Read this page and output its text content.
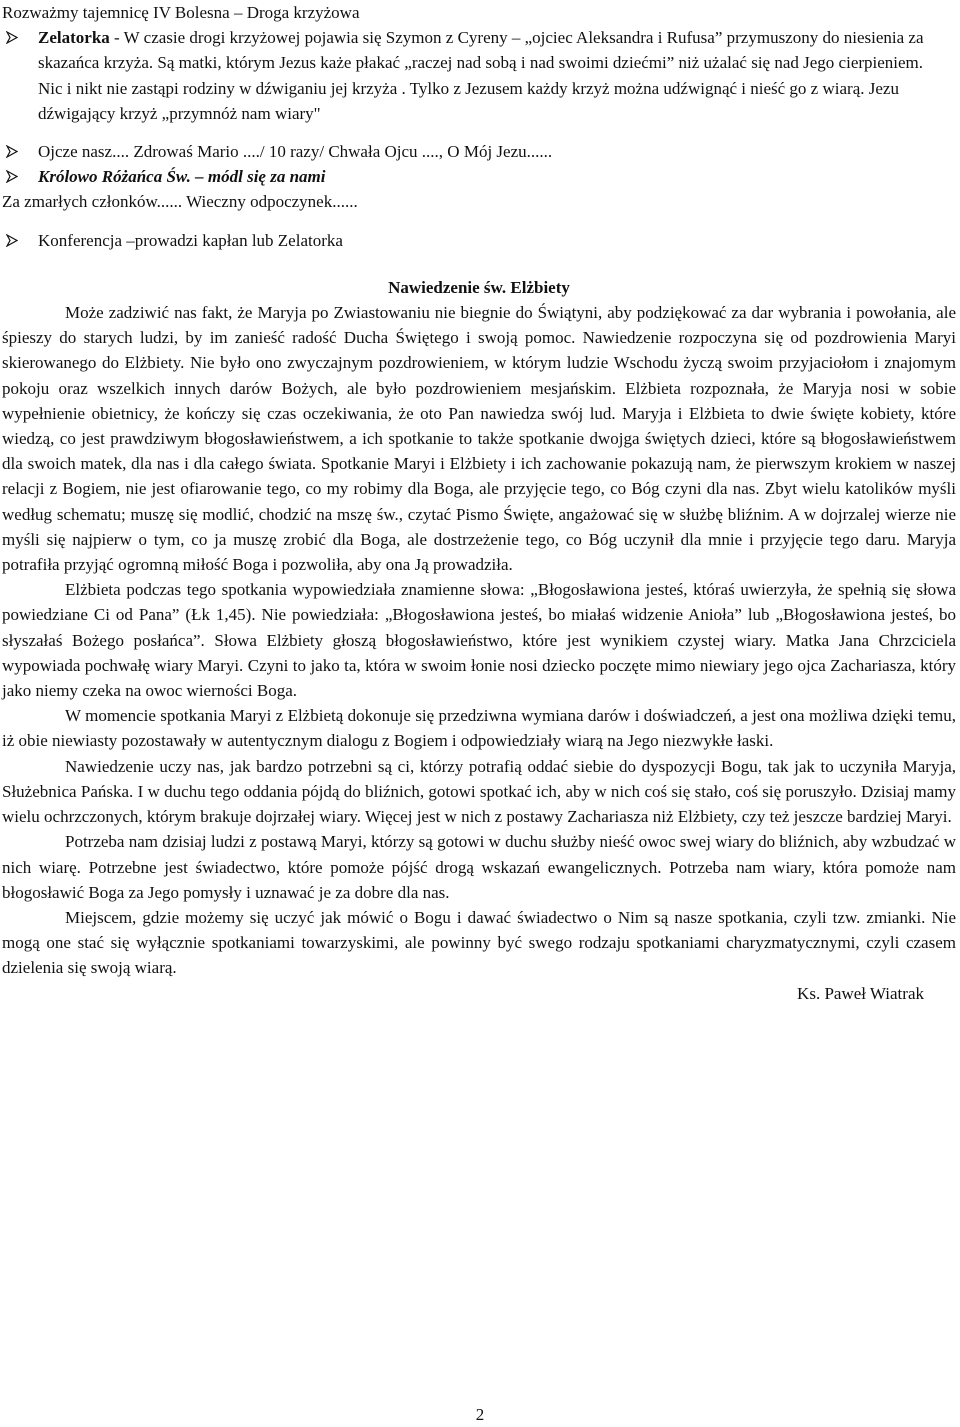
Rozważmy tajemnicę IV Bolesna – Droga krzyżowa

Zelatorka - W czasie drogi krzyżowej pojawia się Szymon z Cyreny – „ojciec Aleksandra i Rufusa” przymuszony do niesienia za skazańca krzyża. Są matki, którym Jezus każe płakać „raczej nad sobą i nad swoimi dziećmi” niż użalać się nad Jego cierpieniem. Nic i nikt nie zastąpi rodziny w dźwiganiu jej krzyża . Tylko z Jezusem każdy krzyż można udźwignąć i nieść go z wiarą. Jezu dźwigający krzyż „przymnóż nam wiary"
Ojcze nasz.... Zdrowaś Mario ..../ 10 razy/ Chwała Ojcu ...., O Mój Jezu......
Królowo Różańca Św. – módl się za nami

Za zmarłych członków...... Wieczny odpoczynek......

Konferencja –prowadzi kapłan lub Zelatorka

Nawiedzenie św. Elżbiety

Może zadziwić nas fakt, że Maryja po Zwiastowaniu nie biegnie do Świątyni, aby podziękować za dar wybrania i powołania, ale śpieszy do starych ludzi, by im zanieść radość Ducha Świętego i swoją pomoc. Nawiedzenie rozpoczyna się od pozdrowienia Maryi skierowanego do Elżbiety. Nie było ono zwyczajnym pozdrowieniem, w którym ludzie Wschodu życzą swoim przyjaciołom i znajomym pokoju oraz wszelkich innych darów Bożych, ale było pozdrowieniem mesjańskim. Elżbieta rozpoznała, że Maryja nosi w sobie wypełnienie obietnicy, że kończy się czas oczekiwania, że oto Pan nawiedza swój lud. Maryja i Elżbieta to dwie święte kobiety, które wiedzą, co jest prawdziwym błogosławieństwem, a ich spotkanie to także spotkanie dwojga świętych dzieci, które są błogosławieństwem dla swoich matek, dla nas i dla całego świata. Spotkanie Maryi i Elżbiety i ich zachowanie pokazują nam, że pierwszym krokiem w naszej relacji z Bogiem, nie jest ofiarowanie tego, co my robimy dla Boga, ale przyjęcie tego, co Bóg czyni dla nas. Zbyt wielu katolików myśli według schematu; muszę się modlić, chodzić na mszę św., czytać Pismo Święte, angażować się w służbę bliźnim. A w dojrzalej wierze nie myśli się najpierw o tym, co ja muszę zrobić dla Boga, ale dostrzeżenie tego, co Bóg uczynił dla mnie i przyjęcie tego daru. Maryja potrafiła przyjąć ogromną miłość Boga i pozwoliła, aby ona Ją prowadziła.

Elżbieta podczas tego spotkania wypowiedziała znamienne słowa: „Błogosławiona jesteś, któraś uwierzyła, że spełnią się słowa powiedziane Ci od Pana” (Łk 1,45). Nie powiedziała: „Błogosławiona jesteś, bo miałaś widzenie Anioła” lub „Błogosławiona jesteś, bo słyszałaś Bożego posłańca”. Słowa Elżbiety głoszą błogosławieństwo, które jest wynikiem czystej wiary. Matka Jana Chrzciciela wypowiada pochwałę wiary Maryi. Czyni to jako ta, która w swoim łonie nosi dziecko poczęte mimo niewiary jego ojca Zachariasza, który jako niemy czeka na owoc wierności Boga.

W momencie spotkania Maryi z Elżbietą dokonuje się przedziwna wymiana darów i doświadczeń, a jest ona możliwa dzięki temu, iż obie niewiasty pozostawały w autentycznym dialogu z Bogiem i odpowiedziały wiarą na Jego niezwykłe łaski.

Nawiedzenie uczy nas, jak bardzo potrzebni są ci, którzy potrafią oddać siebie do dyspozycji Bogu, tak jak to uczyniła Maryja, Służebnica Pańska. I w duchu tego oddania pójdą do bliźnich, gotowi spotkać ich, aby w nich coś się stało, coś się poruszyło. Dzisiaj mamy wielu ochrzczonych, którym brakuje dojrzałej wiary. Więcej jest w nich z postawy Zachariasza niż Elżbiety, czy też jeszcze bardziej Maryi.

Potrzeba nam dzisiaj ludzi z postawą Maryi, którzy są gotowi w duchu służby nieść owoc swej wiary do bliźnich, aby wzbudzać w nich wiarę. Potrzebne jest świadectwo, które pomoże pójść drogą wskazań ewangelicznych. Potrzeba nam wiary, która pomoże nam błogosławić Boga za Jego pomysły i uznawać je za dobre dla nas.

Miejscem, gdzie możemy się uczyć jak mówić o Bogu i dawać świadectwo o Nim są nasze spotkania, czyli tzw. zmianki. Nie mogą one stać się wyłącznie spotkaniami towarzyskimi, ale powinny być swego rodzaju spotkaniami charyzmatycznymi, czyli czasem dzielenia się swoją wiarą.

Ks. Paweł Wiatrak

2
